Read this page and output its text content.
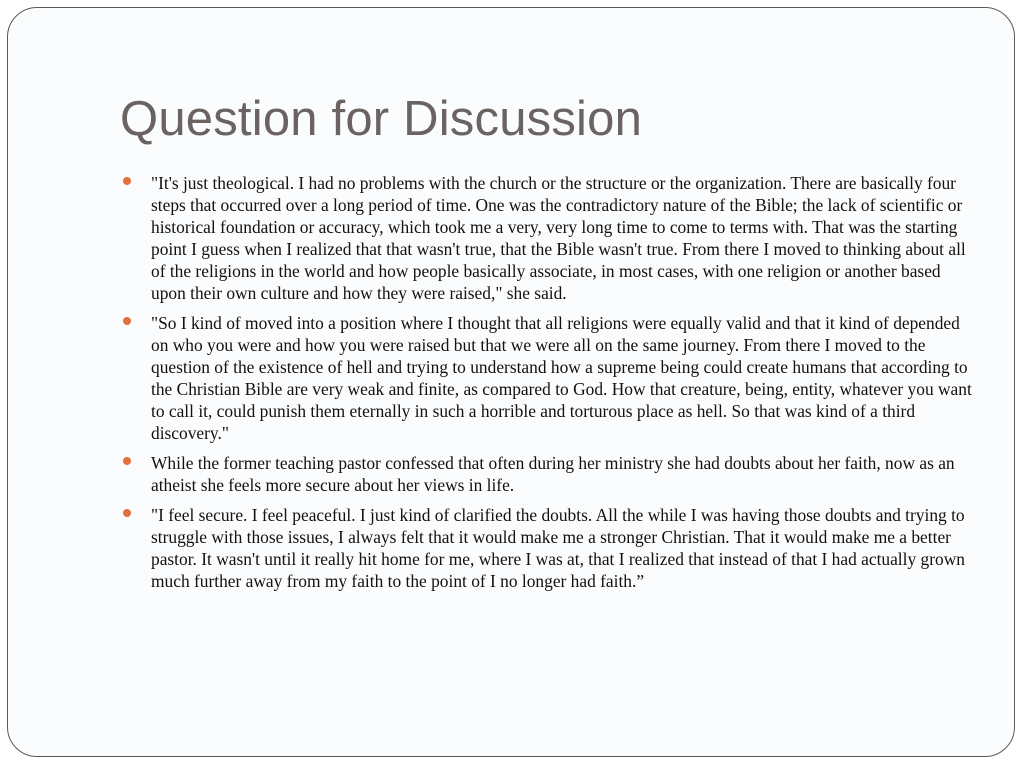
Question for Discussion
"It's just theological. I had no problems with the church or the structure or the organization. There are basically four steps that occurred over a long period of time. One was the contradictory nature of the Bible; the lack of scientific or historical foundation or accuracy, which took me a very, very long time to come to terms with. That was the starting point I guess when I realized that that wasn't true, that the Bible wasn't true. From there I moved to thinking about all of the religions in the world and how people basically associate, in most cases, with one religion or another based upon their own culture and how they were raised," she said.
"So I kind of moved into a position where I thought that all religions were equally valid and that it kind of depended on who you were and how you were raised but that we were all on the same journey. From there I moved to the question of the existence of hell and trying to understand how a supreme being could create humans that according to the Christian Bible are very weak and finite, as compared to God. How that creature, being, entity, whatever you want to call it, could punish them eternally in such a horrible and torturous place as hell. So that was kind of a third discovery."
While the former teaching pastor confessed that often during her ministry she had doubts about her faith, now as an atheist she feels more secure about her views in life.
"I feel secure. I feel peaceful. I just kind of clarified the doubts. All the while I was having those doubts and trying to struggle with those issues, I always felt that it would make me a stronger Christian. That it would make me a better pastor. It wasn't until it really hit home for me, where I was at, that I realized that instead of that I had actually grown much further away from my faith to the point of I no longer had faith.”
